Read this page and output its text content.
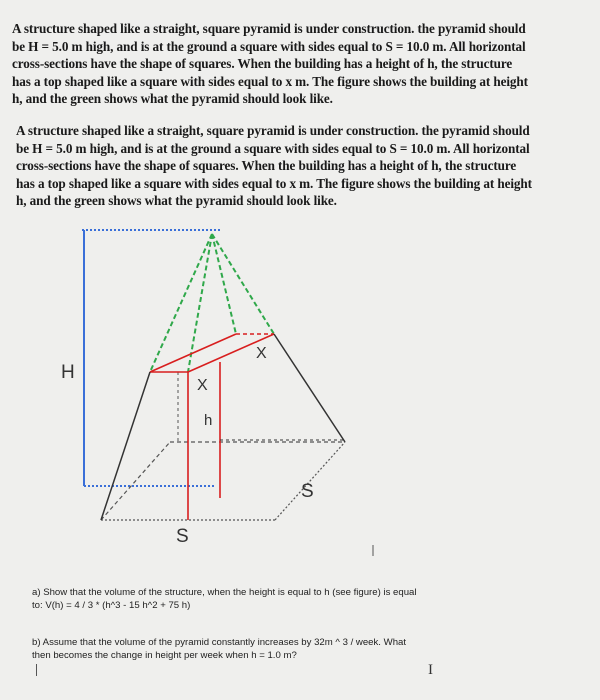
A structure shaped like a straight, square pyramid is under construction. the pyramid should
be H = 5.0 m high, and is at the ground a square with sides equal to S = 10.0 m. All horizontal
cross-sections have the shape of squares. When the building has a height of h, the structure
has a top shaped like a square with sides equal to x m. The figure shows the building at height
h, and the green shows what the pyramid should look like.
A structure shaped like a straight, square pyramid is under construction. the pyramid should
be H = 5.0 m high, and is at the ground a square with sides equal to S = 10.0 m. All horizontal
cross-sections have the shape of squares. When the building has a height of h, the structure
has a top shaped like a square with sides equal to x m. The figure shows the building at height
h, and the green shows what the pyramid should look like.
H
X
X
h
S
S
a) Show that the volume of the structure, when the height is equal to h (see figure) is equal
to: V(h) = 4 / 3 * (h^3 - 15 h^2 + 75 h)
b) Assume that the volume of the pyramid constantly increases by 32m ^ 3 / week. What
then becomes the change in height per week when h = 1.0 m?
I
